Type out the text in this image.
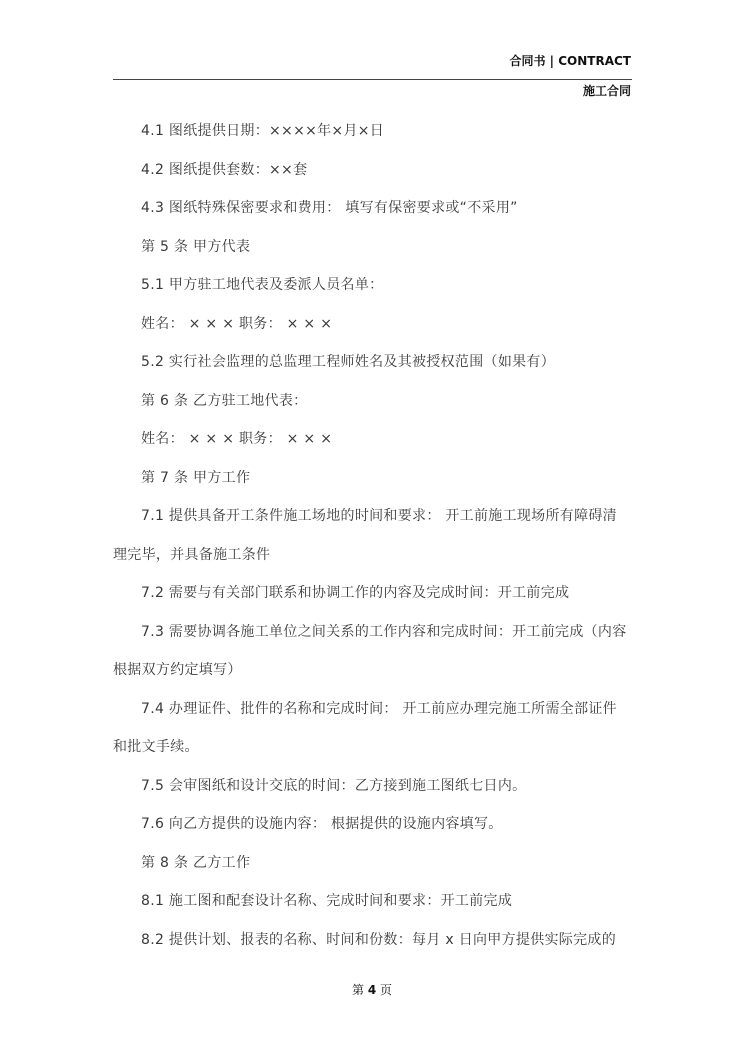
合同书 | CONTRACT
施工合同

4.1 图纸提供日期：××××年×月×日

4.2 图纸提供套数：××套

4.3 图纸特殊保密要求和费用： 填写有保密要求或“不采用”

第 5 条 甲方代表

5.1 甲方驻工地代表及委派人员名单：

姓名： × × × 职务： × × ×

5.2 实行社会监理的总监理工程师姓名及其被授权范围（如果有）

第 6 条 乙方驻工地代表：

姓名： × × × 职务： × × ×

第 7 条 甲方工作

7.1 提供具备开工条件施工场地的时间和要求： 开工前施工现场所有障碍清理完毕，并具备施工条件

7.2 需要与有关部门联系和协调工作的内容及完成时间：开工前完成

7.3 需要协调各施工单位之间关系的工作内容和完成时间：开工前完成（内容根据双方约定填写）

7.4 办理证件、批件的名称和完成时间： 开工前应办理完施工所需全部证件和批文手续。

7.5 会审图纸和设计交底的时间：乙方接到施工图纸七日内。

7.6 向乙方提供的设施内容： 根据提供的设施内容填写。

第 8 条 乙方工作

8.1 施工图和配套设计名称、完成时间和要求：开工前完成

8.2 提供计划、报表的名称、时间和份数：每月 x 日向甲方提供实际完成的

第 4 页
